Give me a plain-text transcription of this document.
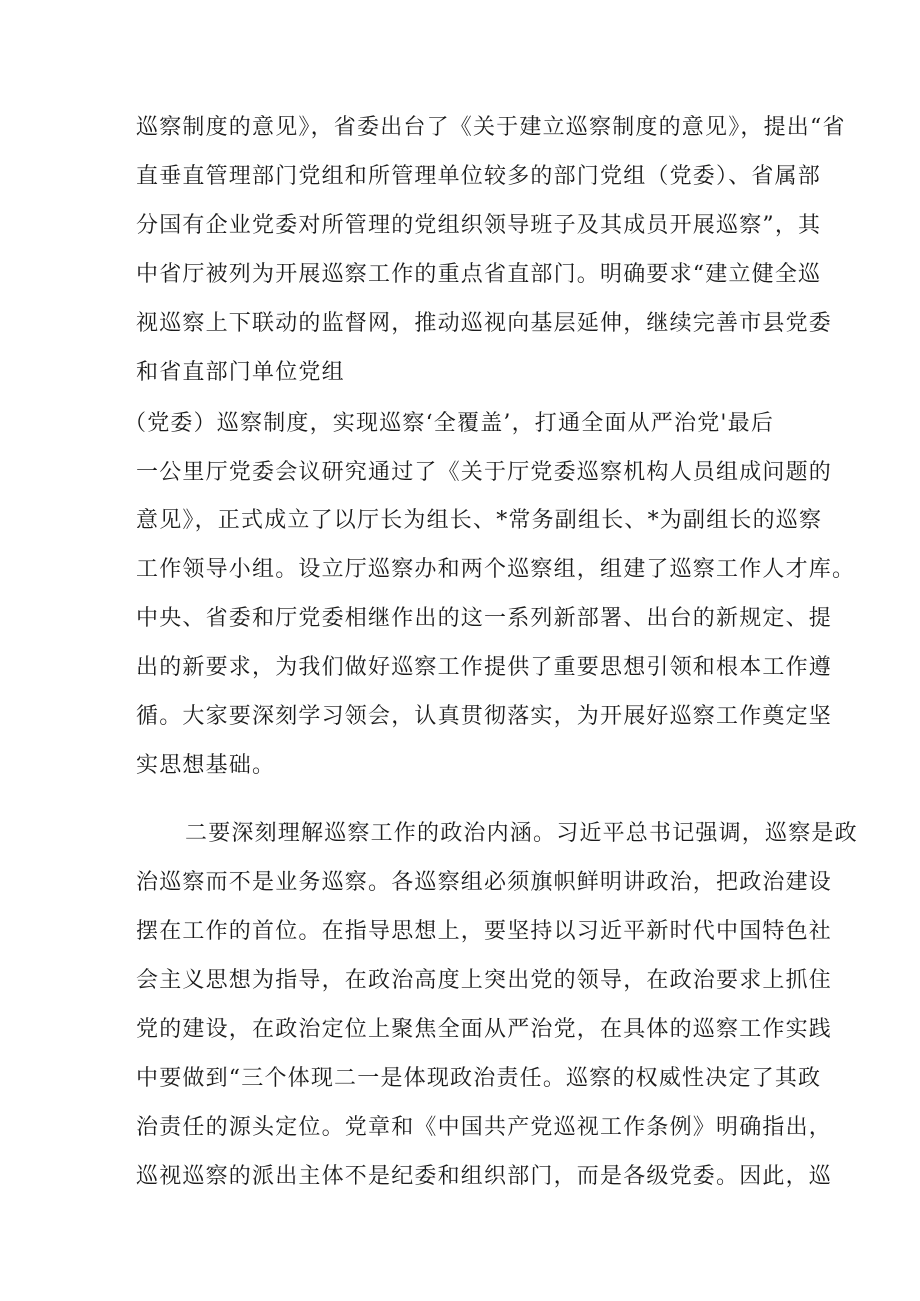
巡察制度的意见》，省委出台了《关于建立巡察制度的意见》，提出“省
直垂直管理部门党组和所管理单位较多的部门党组（党委）、省属部
分国有企业党委对所管理的党组织领导班子及其成员开展巡察”，其
中省厅被列为开展巡察工作的重点省直部门。明确要求“建立健全巡
视巡察上下联动的监督网，推动巡视向基层延伸，继续完善市县党委
和省直部门单位党组
（党委）巡察制度，实现巡察‘全覆盖’，打通全面从严治党'最后
一公里厅党委会议研究通过了《关于厅党委巡察机构人员组成问题的
意见》，正式成立了以厅长为组长、*常务副组长、*为副组长的巡察
工作领导小组。设立厅巡察办和两个巡察组，组建了巡察工作人才库。
中央、省委和厅党委相继作出的这一系列新部署、出台的新规定、提
出的新要求，为我们做好巡察工作提供了重要思想引领和根本工作遵
循。大家要深刻学习领会，认真贯彻落实，为开展好巡察工作奠定坚
实思想基础。
二要深刻理解巡察工作的政治内涵。习近平总书记强调，巡察是政
治巡察而不是业务巡察。各巡察组必须旗帜鲜明讲政治，把政治建设
摆在工作的首位。在指导思想上，要坚持以习近平新时代中国特色社
会主义思想为指导，在政治高度上突出党的领导，在政治要求上抓住
党的建设，在政治定位上聚焦全面从严治党，在具体的巡察工作实践
中要做到“三个体现二一是体现政治责任。巡察的权威性决定了其政
治责任的源头定位。党章和《中国共产党巡视工作条例》明确指出，
巡视巡察的派出主体不是纪委和组织部门，而是各级党委。因此，巡
